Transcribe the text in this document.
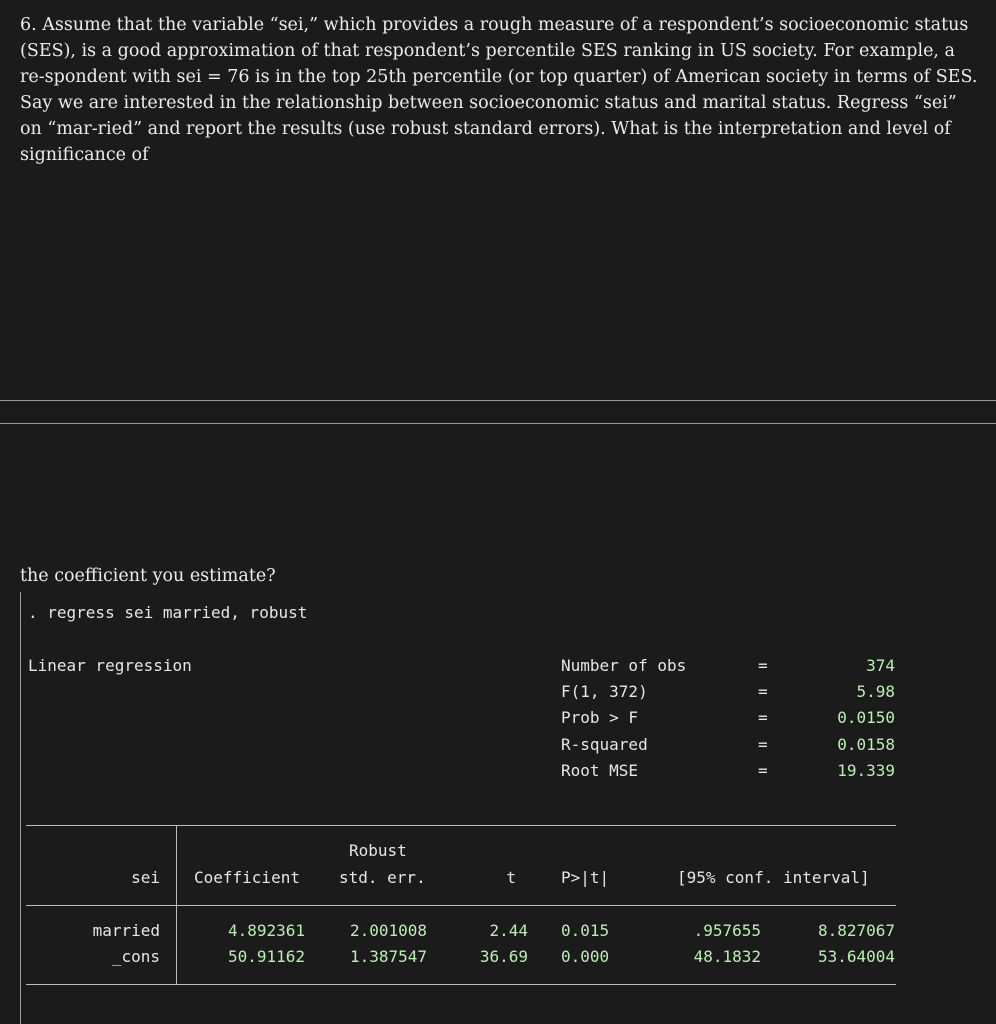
6. Assume that the variable “sei,” which provides a rough measure of a respondent’s socioeconomic status (SES), is a good approximation of that respondent’s percentile SES ranking in US society. For example, a re-spondent with sei = 76 is in the top 25th percentile (or top quarter) of American society in terms of SES. Say we are interested in the relationship between socioeconomic status and marital status. Regress “sei” on “mar-ried” and report the results (use robust standard errors). What is the interpretation and level of significance of

the coefficient you estimate?
. regress sei married, robust
Linear regression	Number of obs	=	374
F(1, 372)	=	5.98
Prob > F	=	0.0150
R-squared	=	0.0158
Root MSE	=	19.339
Robust
sei Coefficient std. err.	t	P>|t|	[95% conf. interval]
married	4.892361	2.001008	2.44 0.015	.957655	8.827067
_cons	50.91162	1.387547	36.69 0.000	48.1832	53.64004
